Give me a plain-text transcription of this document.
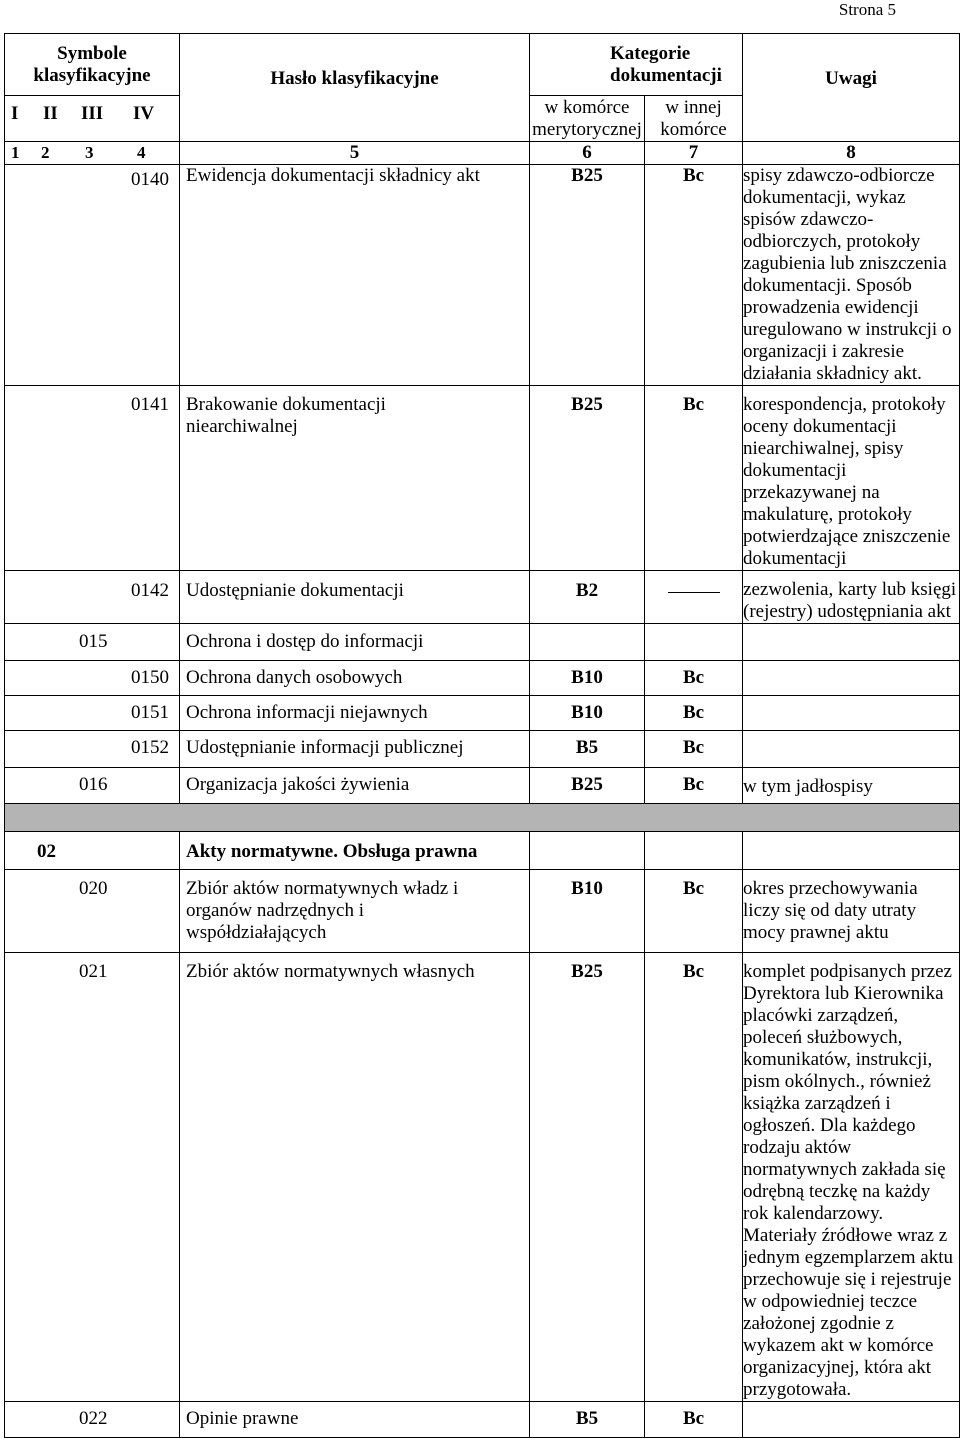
Strona 5
Symbole klasyfikacyjne	Hasło klasyfikacyjne	Kategorie dokumentacji		Uwagi

I II III IV		w komórce merytorycznej	w innej komórce	

1 2 3 4	5	6	7	8

0140	Ewidencja dokumentacji składnicy akt	B25	Bc	spisy zdawczo-odbiorcze dokumentacji, wykaz spisów zdawczo-odbiorczych, protokoły zagubienia lub zniszczenia dokumentacji. Sposób prowadzenia ewidencji uregulowano w instrukcji o organizacji i zakresie działania składnicy akt.

0141	Brakowanie dokumentacji niearchiwalnej	B25	Bc	korespondencja, protokoły oceny dokumentacji niearchiwalnej, spisy dokumentacji przekazywanej na makulaturę, protokoły potwierdzające zniszczenie dokumentacji

0142	Udostępnianie dokumentacji	B2		zezwolenia, karty lub księgi (rejestry) udostępniania akt

015	Ochrona i dostęp do informacji			

0150	Ochrona danych osobowych	B10	Bc	

0151	Ochrona informacji niejawnych	B10	Bc	

0152	Udostępnianie informacji publicznej	B5	Bc	

016	Organizacja jakości żywienia	B25	Bc	w tym jadłospisy

02	Akty normatywne. Obsługa prawna			

020	Zbiór aktów normatywnych władz i organów nadrzędnych i współdziałających	B10	Bc	okres przechowywania liczy się od daty utraty mocy prawnej aktu

021	Zbiór aktów normatywnych własnych	B25	Bc	komplet podpisanych przez Dyrektora lub Kierownika placówki zarządzeń, poleceń służbowych, komunikatów, instrukcji, pism okólnych., również książka zarządzeń i ogłoszeń. Dla każdego rodzaju aktów normatywnych zakłada się odrębną teczkę na każdy rok kalendarzowy. Materiały źródłowe wraz z jednym egzemplarzem aktu przechowuje się i rejestruje w odpowiedniej teczce założonej zgodnie z wykazem akt w komórce organizacyjnej, która akt przygotowała.

022	Opinie prawne	B5	Bc	
